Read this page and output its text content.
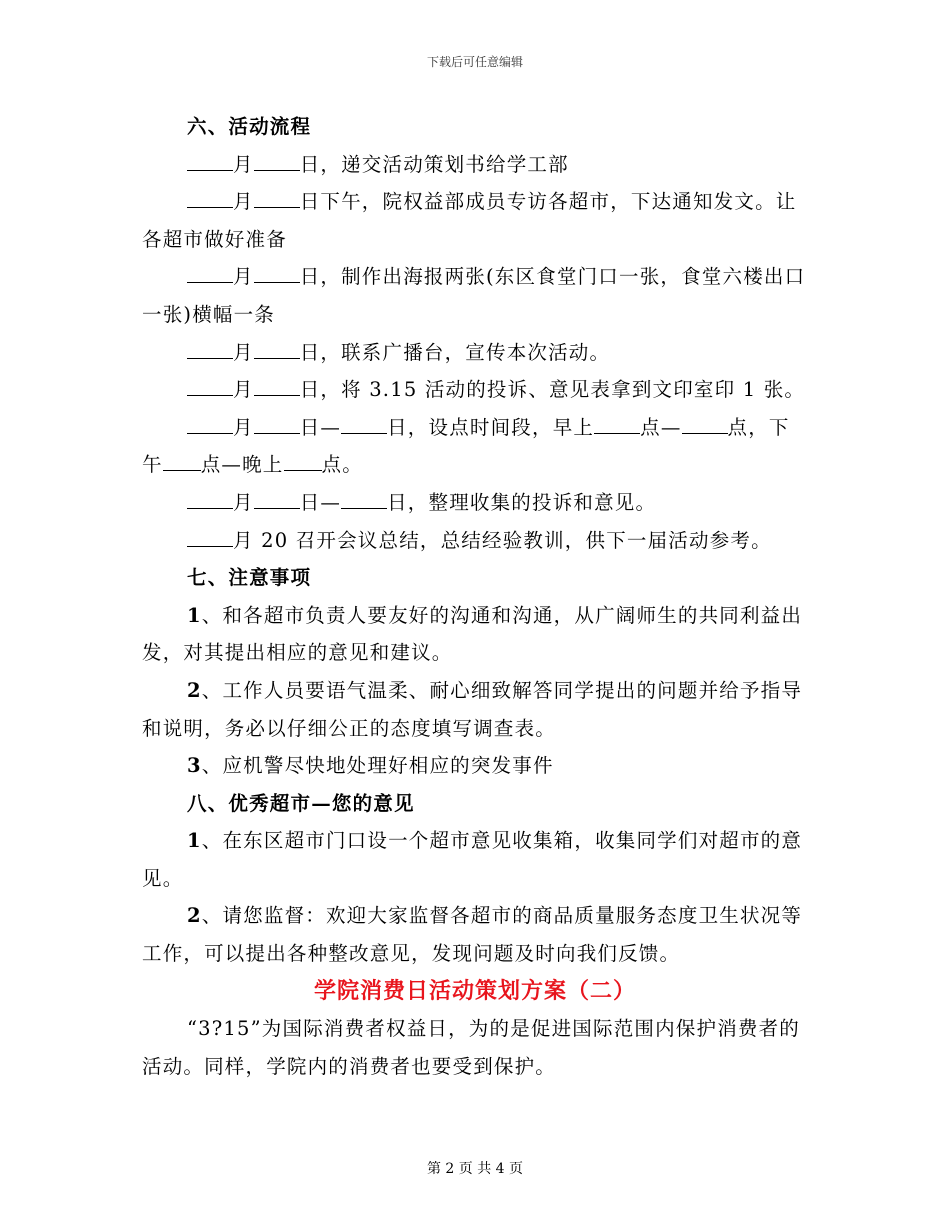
下载后可任意编辑

六、活动流程

月 日，递交活动策划书给学工部

月 日下午，院权益部成员专访各超市，下达通知发文。让各超市做好准备

月 日，制作出海报两张(东区食堂门口一张，食堂六楼出口一张)横幅一条

月 日，联系广播台，宣传本次活动。

月 日，将 3.15 活动的投诉、意见表拿到文印室印 1 张。

月 日— 日，设点时间段，早上 点— 点，下午 点—晚上 点。

月 日— 日，整理收集的投诉和意见。

月 20 召开会议总结，总结经验教训，供下一届活动参考。

七、注意事项

1、和各超市负责人要友好的沟通和沟通，从广阔师生的共同利益出发，对其提出相应的意见和建议。

2、工作人员要语气温柔、耐心细致解答同学提出的问题并给予指导和说明，务必以仔细公正的态度填写调查表。

3、应机警尽快地处理好相应的突发事件

八、优秀超市—您的意见

1、在东区超市门口设一个超市意见收集箱，收集同学们对超市的意见。

2、请您监督：欢迎大家监督各超市的商品质量服务态度卫生状况等工作，可以提出各种整改意见，发现问题及时向我们反馈。

学院消费日活动策划方案（二）

“3?15”为国际消费者权益日，为的是促进国际范围内保护消费者的活动。同样，学院内的消费者也要受到保护。

第 2 页 共 4 页
